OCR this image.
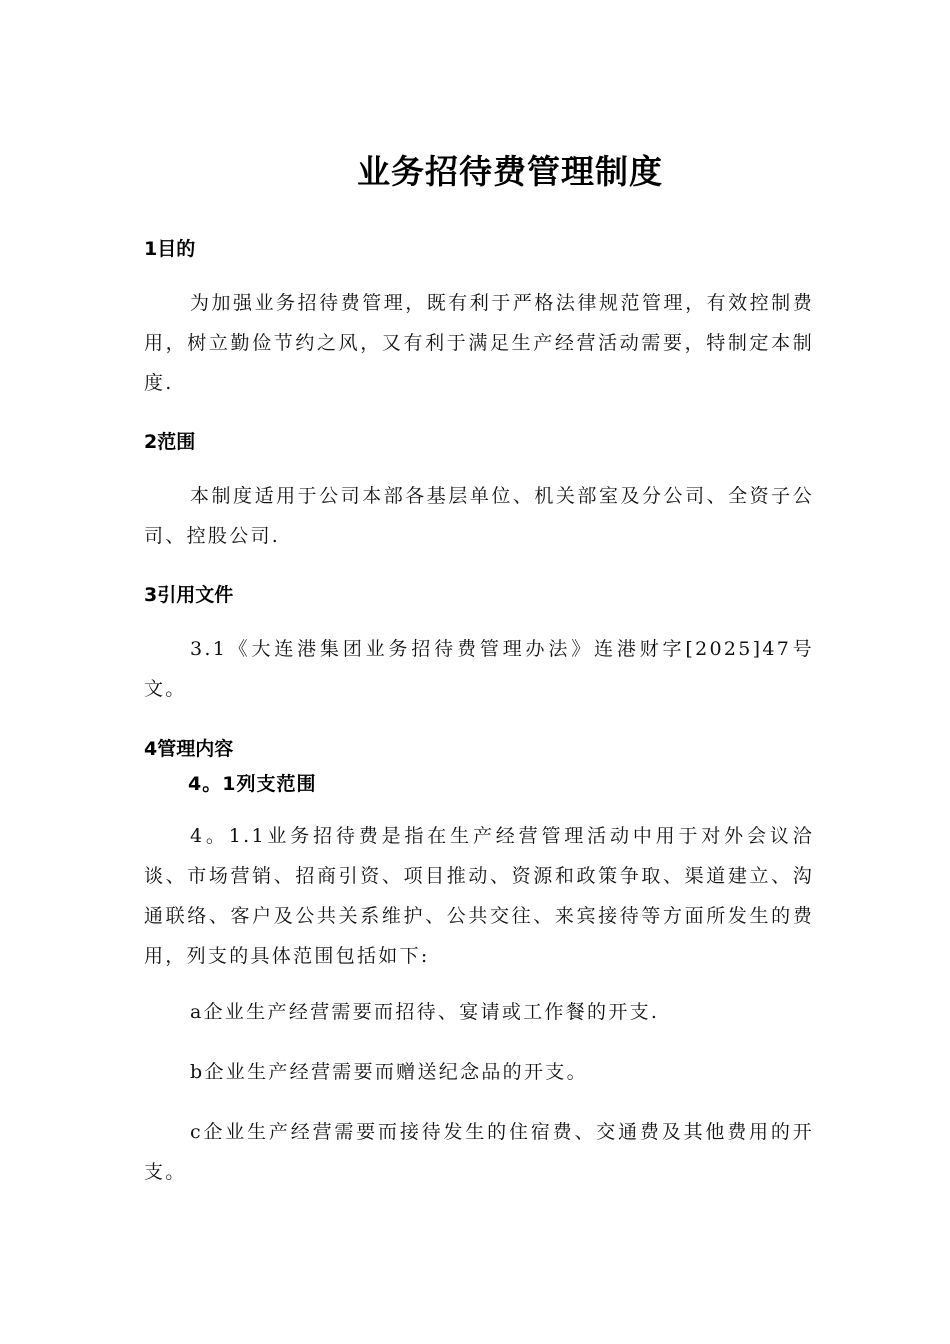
业务招待费管理制度
1目的

为加强业务招待费管理，既有利于严格法律规范管理，有效控制费用，树立勤俭节约之风，又有利于满足生产经营活动需要，特制定本制度.

2范围

本制度适用于公司本部各基层单位、机关部室及分公司、全资子公司、控股公司.

3引用文件

3.1《大连港集团业务招待费管理办法》连港财字[2025]47号文。

4管理内容
4。1列支范围

4。1.1业务招待费是指在生产经营管理活动中用于对外会议洽谈、市场营销、招商引资、项目推动、资源和政策争取、渠道建立、沟通联络、客户及公共关系维护、公共交往、来宾接待等方面所发生的费用，列支的具体范围包括如下:

a企业生产经营需要而招待、宴请或工作餐的开支.

b企业生产经营需要而赠送纪念品的开支。

c企业生产经营需要而接待发生的住宿费、交通费及其他费用的开支。
